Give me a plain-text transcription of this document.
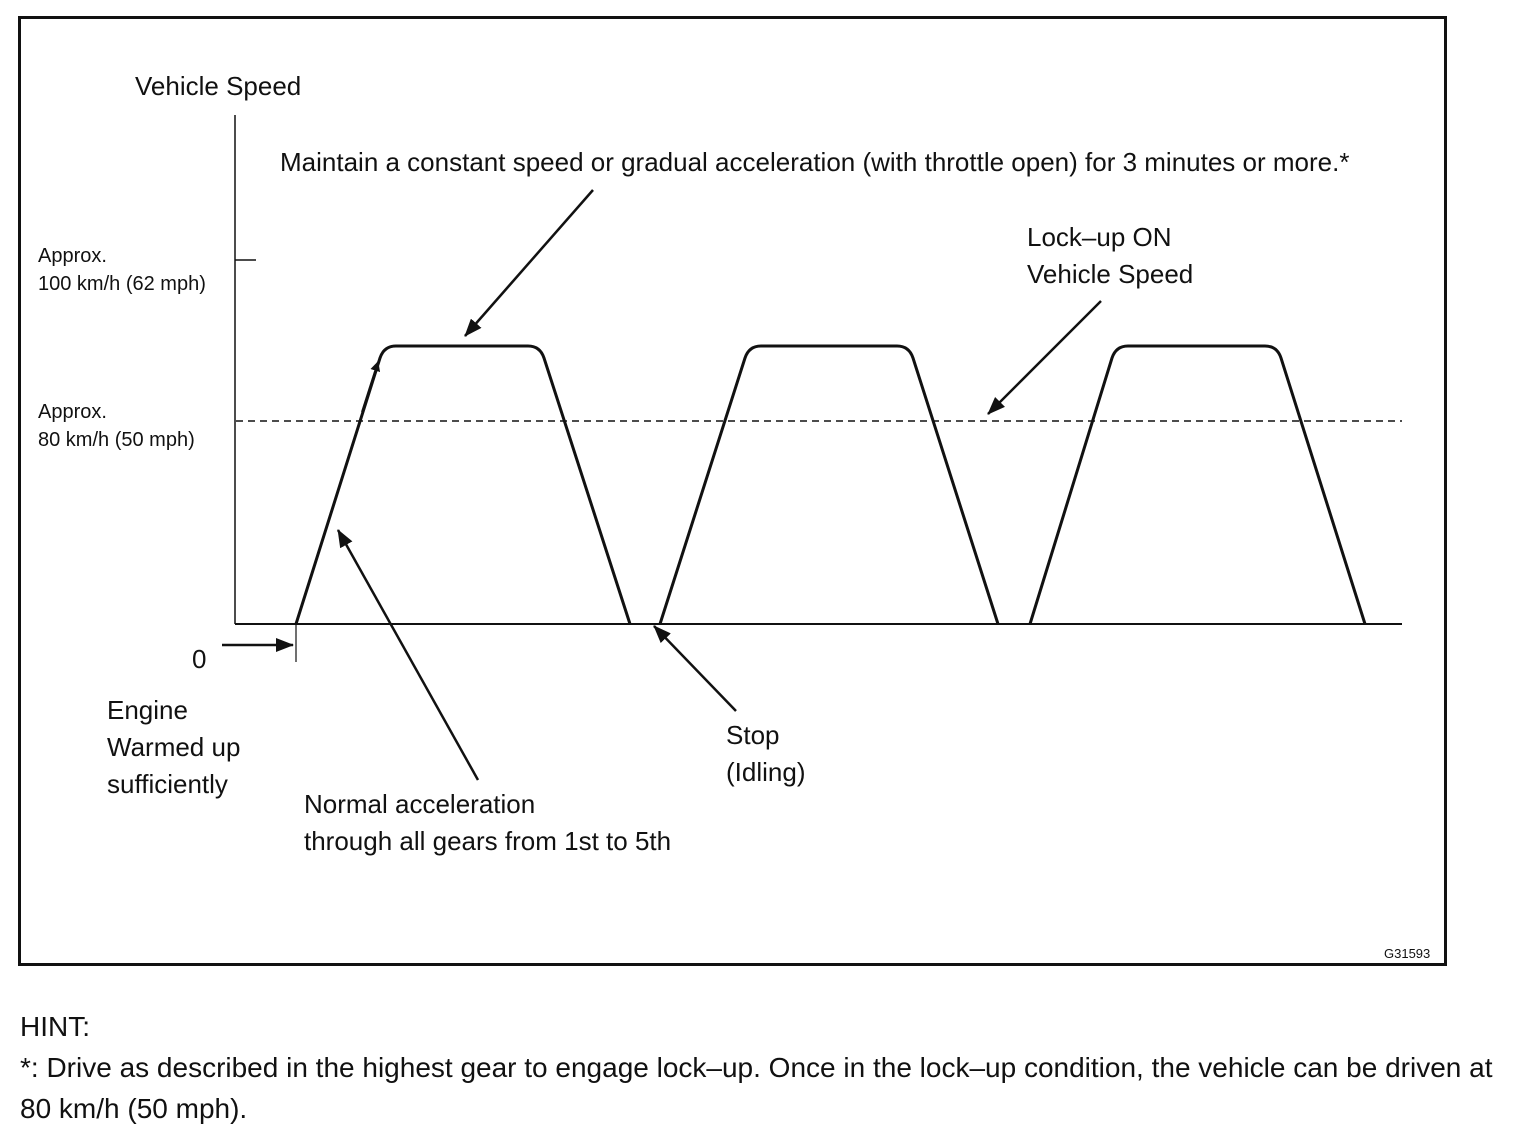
Vehicle Speed
Approx.
100 km/h (62 mph)
Approx.
80 km/h (50 mph)
0
Maintain a constant speed or gradual acceleration (with throttle open) for 3 minutes or more.*
Lock–up ON
Vehicle Speed
Engine
Warmed up
sufficiently
Normal acceleration
through all gears from 1st to 5th
Stop
(Idling)
G31593
HINT:
*: Drive as described in the highest gear to engage lock–up. Once in the lock–up condition, the vehicle can be driven at 80 km/h (50 mph).
